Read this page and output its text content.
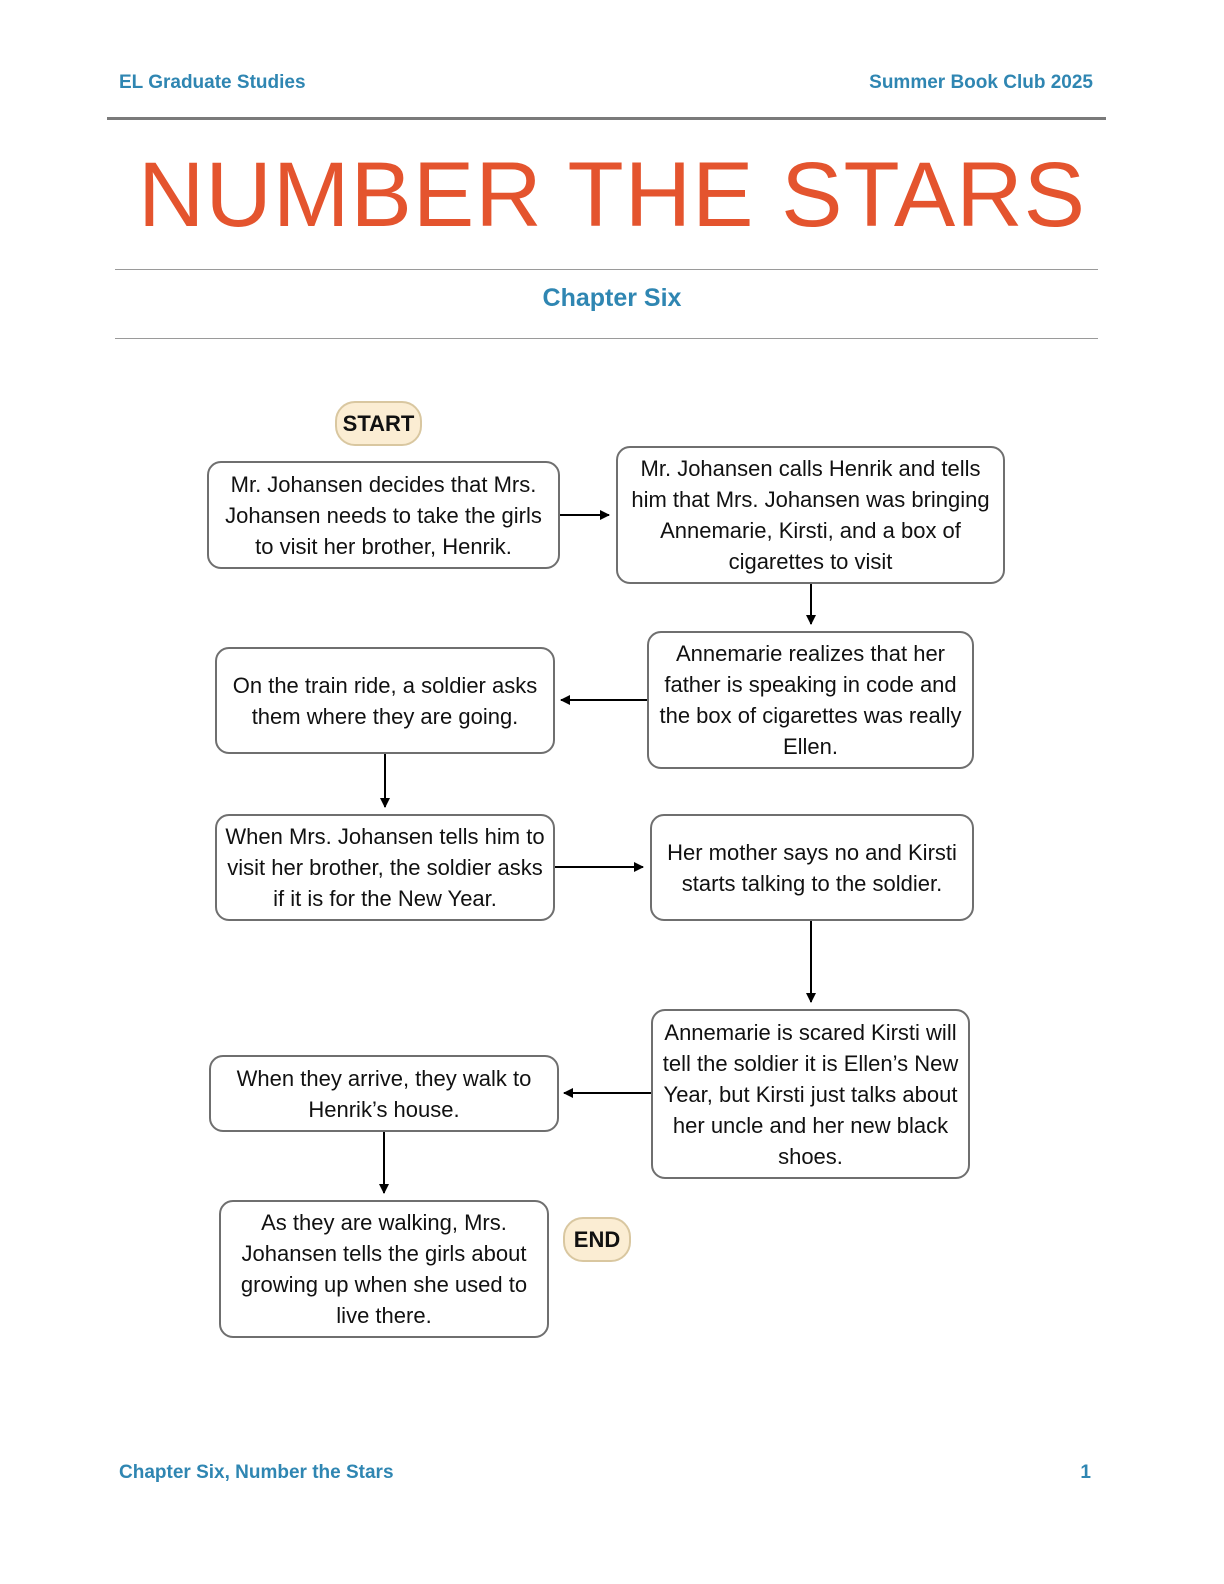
EL Graduate Studies	Summer Book Club 2025
NUMBER THE STARS
Chapter Six
START
Mr. Johansen decides that Mrs. Johansen needs to take the girls to visit her brother, Henrik.
Mr. Johansen calls Henrik and tells him that Mrs. Johansen was bringing Annemarie, Kirsti, and a box of cigarettes to visit
Annemarie realizes that her father is speaking in code and the box of cigarettes was really Ellen.
On the train ride, a soldier asks them where they are going.
When Mrs. Johansen tells him to visit her brother, the soldier asks if it is for the New Year.
Her mother says no and Kirsti starts talking to the soldier.
Annemarie is scared Kirsti will tell the soldier it is Ellen’s New Year, but Kirsti just talks about her uncle and her new black shoes.
When they arrive, they walk to Henrik’s house.
As they are walking, Mrs. Johansen tells the girls about growing up when she used to live there.
END
Chapter Six, Number the Stars	1
